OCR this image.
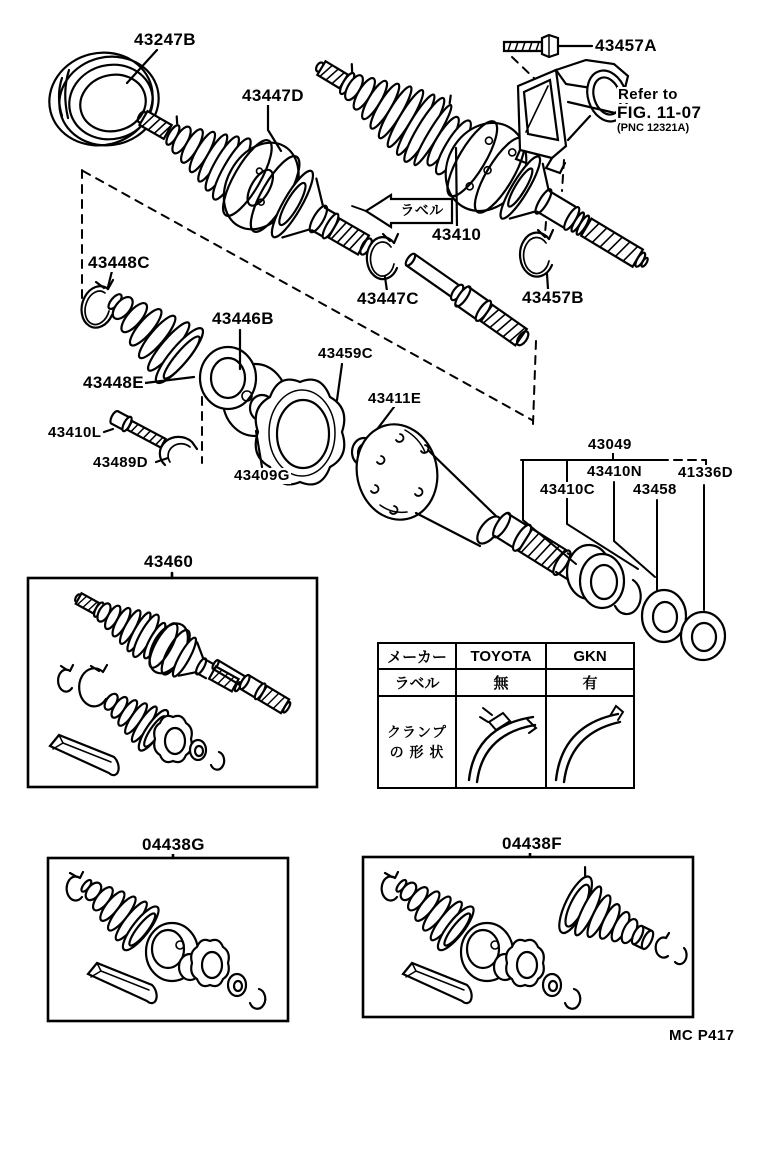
43247B
43447D
43457A
Refer to
FIG. 11-07
(PNC 12321A)
ラベル
43410
43447C	43457B
43448C
43446B
43448E
43459C
43411E
43410L
43489D
43409G
43049
43410N
43410C	43458
41336D
43460
04438G	04438F
MC P417
メーカー	TOYOTA	GKN
ラベル	無	有

クランプ
の 形 状
